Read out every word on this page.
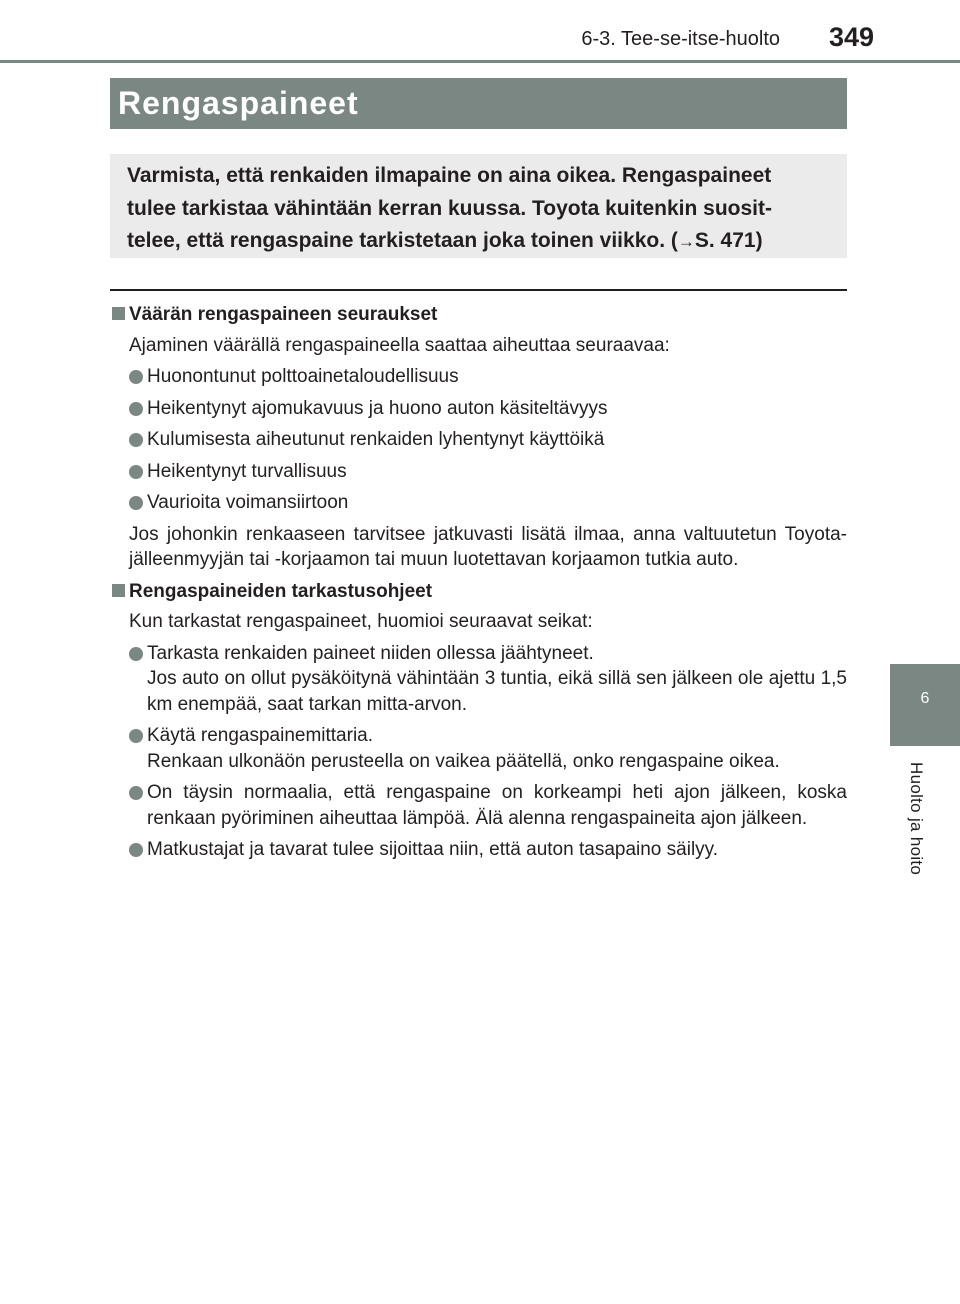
6-3. Tee-se-itse-huolto 349
Rengaspaineet
Varmista, että renkaiden ilmapaine on aina oikea. Rengaspaineet
tulee tarkistaa vähintään kerran kuussa. Toyota kuitenkin suosit-
telee, että rengaspaine tarkistetaan joka toinen viikko. (→S. 471)
6
Huolto ja hoito
Väärän rengaspaineen seuraukset
Ajaminen väärällä rengaspaineella saattaa aiheuttaa seuraavaa:
Huonontunut polttoainetaloudellisuus
Heikentynyt ajomukavuus ja huono auton käsiteltävyys
Kulumisesta aiheutunut renkaiden lyhentynyt käyttöikä
Heikentynyt turvallisuus
Vaurioita voimansiirtoon
Jos johonkin renkaaseen tarvitsee jatkuvasti lisätä ilmaa, anna valtuutetun Toyota-jälleenmyyjän tai -korjaamon tai muun luotettavan korjaamon tutkia auto.
Rengaspaineiden tarkastusohjeet
Kun tarkastat rengaspaineet, huomioi seuraavat seikat:
Tarkasta renkaiden paineet niiden ollessa jäähtyneet.
Jos auto on ollut pysäköitynä vähintään 3 tuntia, eikä sillä sen jälkeen ole ajettu 1,5 km enempää, saat tarkan mitta-arvon.
Käytä rengaspainemittaria.
Renkaan ulkonäön perusteella on vaikea päätellä, onko rengaspaine oikea.
On täysin normaalia, että rengaspaine on korkeampi heti ajon jälkeen, koska renkaan pyöriminen aiheuttaa lämpöä. Älä alenna rengaspaineita ajon jälkeen.
Matkustajat ja tavarat tulee sijoittaa niin, että auton tasapaino säilyy.
